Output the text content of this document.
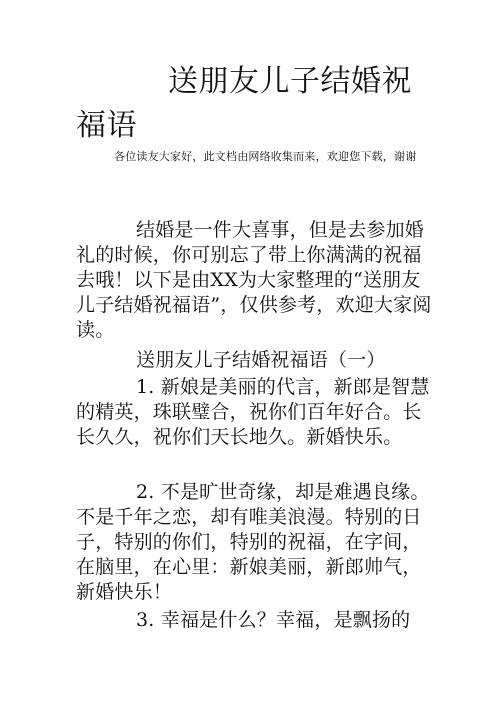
送朋友儿子结婚祝福语

各位读友大家好，此文档由网络收集而来，欢迎您下载，谢谢

结婚是一件大喜事，但是去参加婚礼的时候，你可别忘了带上你满满的祝福去哦！以下是由XX为大家整理的“送朋友儿子结婚祝福语”，仅供参考，欢迎大家阅读。

送朋友儿子结婚祝福语（一）

1. 新娘是美丽的代言，新郎是智慧的精英，珠联璧合，祝你们百年好合。长长久久，祝你们天长地久。新婚快乐。

2. 不是旷世奇缘，却是难遇良缘。不是千年之恋，却有唯美浪漫。特别的日子，特别的你们，特别的祝福，在字间，在脑里，在心里：新娘美丽，新郎帅气，新婚快乐！

3. 幸福是什么？幸福，是飘扬的
